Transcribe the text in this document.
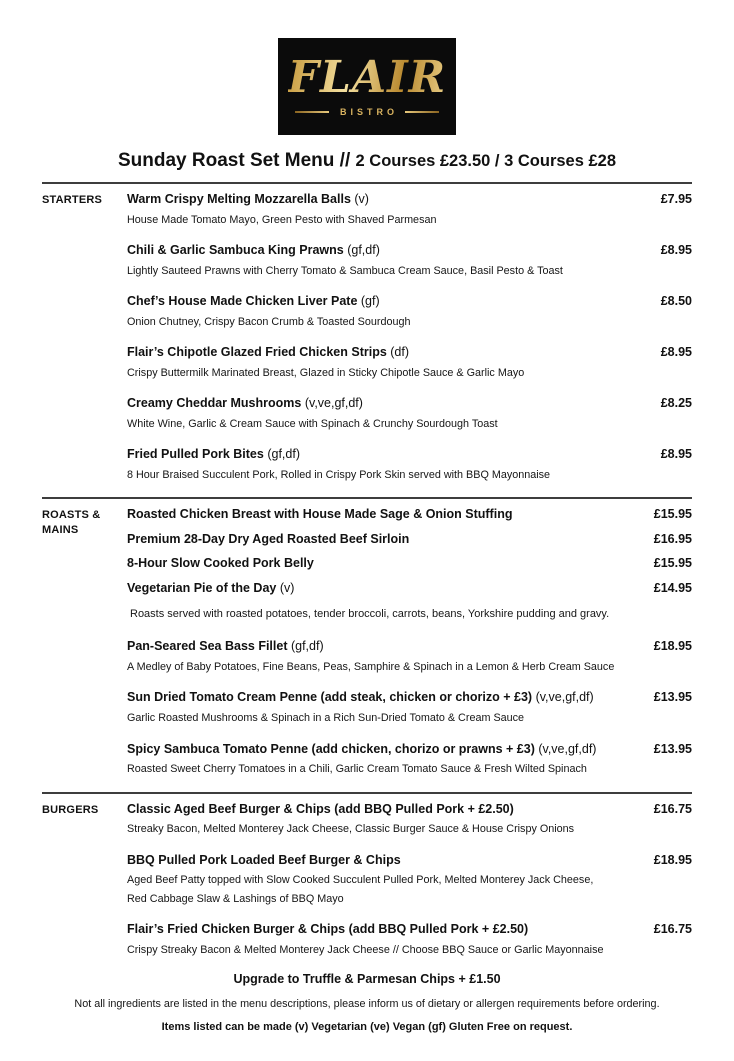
FLAIR
BISTRO
Sunday Roast Set Menu // 2 Courses £23.50 / 3 Courses £28
STARTERS	Warm Crispy Melting Mozzarella Balls (v)	£7.95
House Made Tomato Mayo, Green Pesto with Shaved Parmesan
Chili & Garlic Sambuca King Prawns (gf,df)	£8.95
Lightly Sauteed Prawns with Cherry Tomato & Sambuca Cream Sauce, Basil Pesto & Toast
Chef’s House Made Chicken Liver Pate (gf)	£8.50
Onion Chutney, Crispy Bacon Crumb & Toasted Sourdough
Flair’s Chipotle Glazed Fried Chicken Strips (df)	£8.95
Crispy Buttermilk Marinated Breast, Glazed in Sticky Chipotle Sauce & Garlic Mayo
Creamy Cheddar Mushrooms (v,ve,gf,df)	£8.25
White Wine, Garlic & Cream Sauce with Spinach & Crunchy Sourdough Toast
Fried Pulled Pork Bites (gf,df)	£8.95
8 Hour Braised Succulent Pork, Rolled in Crispy Pork Skin served with BBQ Mayonnaise
ROASTS & MAINS
Roasted Chicken Breast with House Made Sage & Onion Stuffing	£15.95
Premium 28-Day Dry Aged Roasted Beef Sirloin	£16.95
8-Hour Slow Cooked Pork Belly	£15.95
Vegetarian Pie of the Day (v)	£14.95
Roasts served with roasted potatoes, tender broccoli, carrots, beans, Yorkshire pudding and gravy.
Pan-Seared Sea Bass Fillet (gf,df)	£18.95
A Medley of Baby Potatoes, Fine Beans, Peas, Samphire & Spinach in a Lemon & Herb Cream Sauce
Sun Dried Tomato Cream Penne (add steak, chicken or chorizo + £3) (v,ve,gf,df)	£13.95
Garlic Roasted Mushrooms & Spinach in a Rich Sun-Dried Tomato & Cream Sauce
Spicy Sambuca Tomato Penne (add chicken, chorizo or prawns + £3) (v,ve,gf,df)	£13.95
Roasted Sweet Cherry Tomatoes in a Chili, Garlic Cream Tomato Sauce & Fresh Wilted Spinach
BURGERS	Classic Aged Beef Burger & Chips (add BBQ Pulled Pork + £2.50)	£16.75
Streaky Bacon, Melted Monterey Jack Cheese, Classic Burger Sauce & House Crispy Onions
BBQ Pulled Pork Loaded Beef Burger & Chips	£18.95
Aged Beef Patty topped with Slow Cooked Succulent Pulled Pork, Melted Monterey Jack Cheese,
Red Cabbage Slaw & Lashings of BBQ Mayo
Flair’s Fried Chicken Burger & Chips (add BBQ Pulled Pork + £2.50)	£16.75
Crispy Streaky Bacon & Melted Monterey Jack Cheese // Choose BBQ Sauce or Garlic Mayonnaise
Upgrade to Truffle & Parmesan Chips + £1.50
Not all ingredients are listed in the menu descriptions, please inform us of dietary or allergen requirements before ordering.
Items listed can be made (v) Vegetarian (ve) Vegan (gf) Gluten Free on request.
